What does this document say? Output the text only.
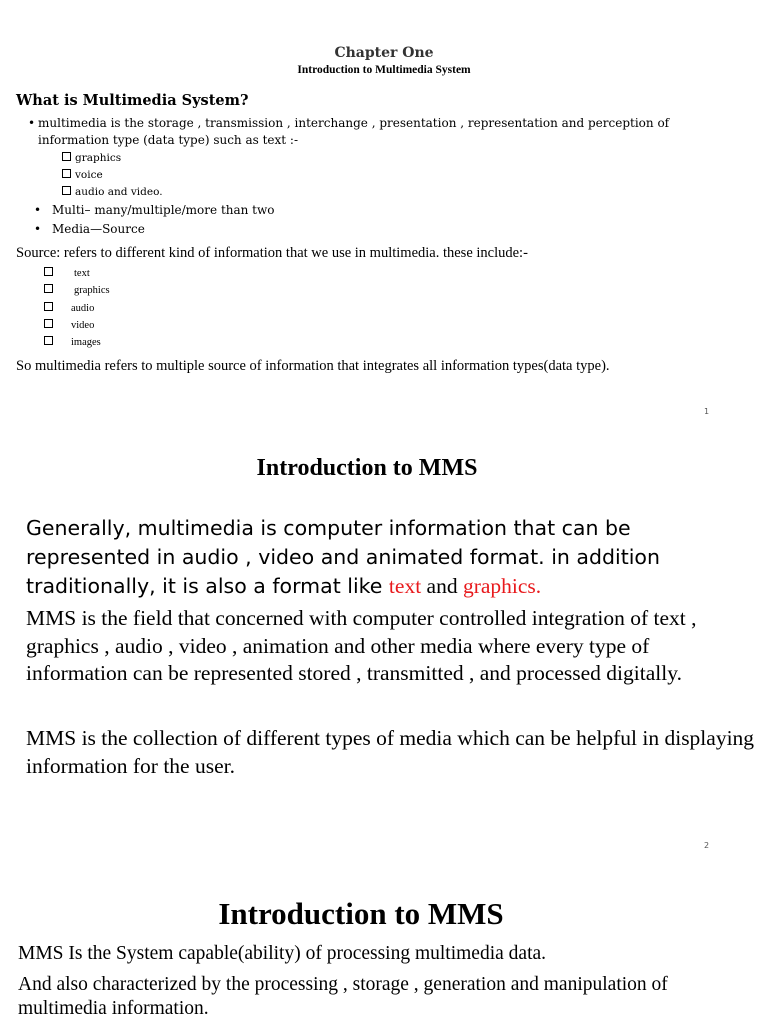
Chapter One
Introduction to Multimedia System
What is Multimedia System?
• multimedia is the storage , transmission , interchange , presentation , representation and perception of information type (data type) such as text :-
graphics
voice
audio and video.
• Multi– many/multiple/more than two
• Media—Source
Source: refers to different kind of information that we use in multimedia. these include:-
text
graphics
audio
video
images
So multimedia refers to multiple source of information that integrates all information types(data type).
1
Introduction to MMS
Generally, multimedia is computer information that can be represented in audio , video and animated format. in addition traditionally, it is also a format like text and graphics.
MMS is the field that concerned with computer controlled integration of text , graphics , audio , video , animation and other media where every type of information can be represented stored , transmitted , and processed digitally.
MMS is the collection of different types of media which can be helpful in displaying information for the user.
2
Introduction to MMS
MMS Is the System capable(ability) of processing multimedia data.
And also characterized by the processing , storage , generation and manipulation of multimedia information.
